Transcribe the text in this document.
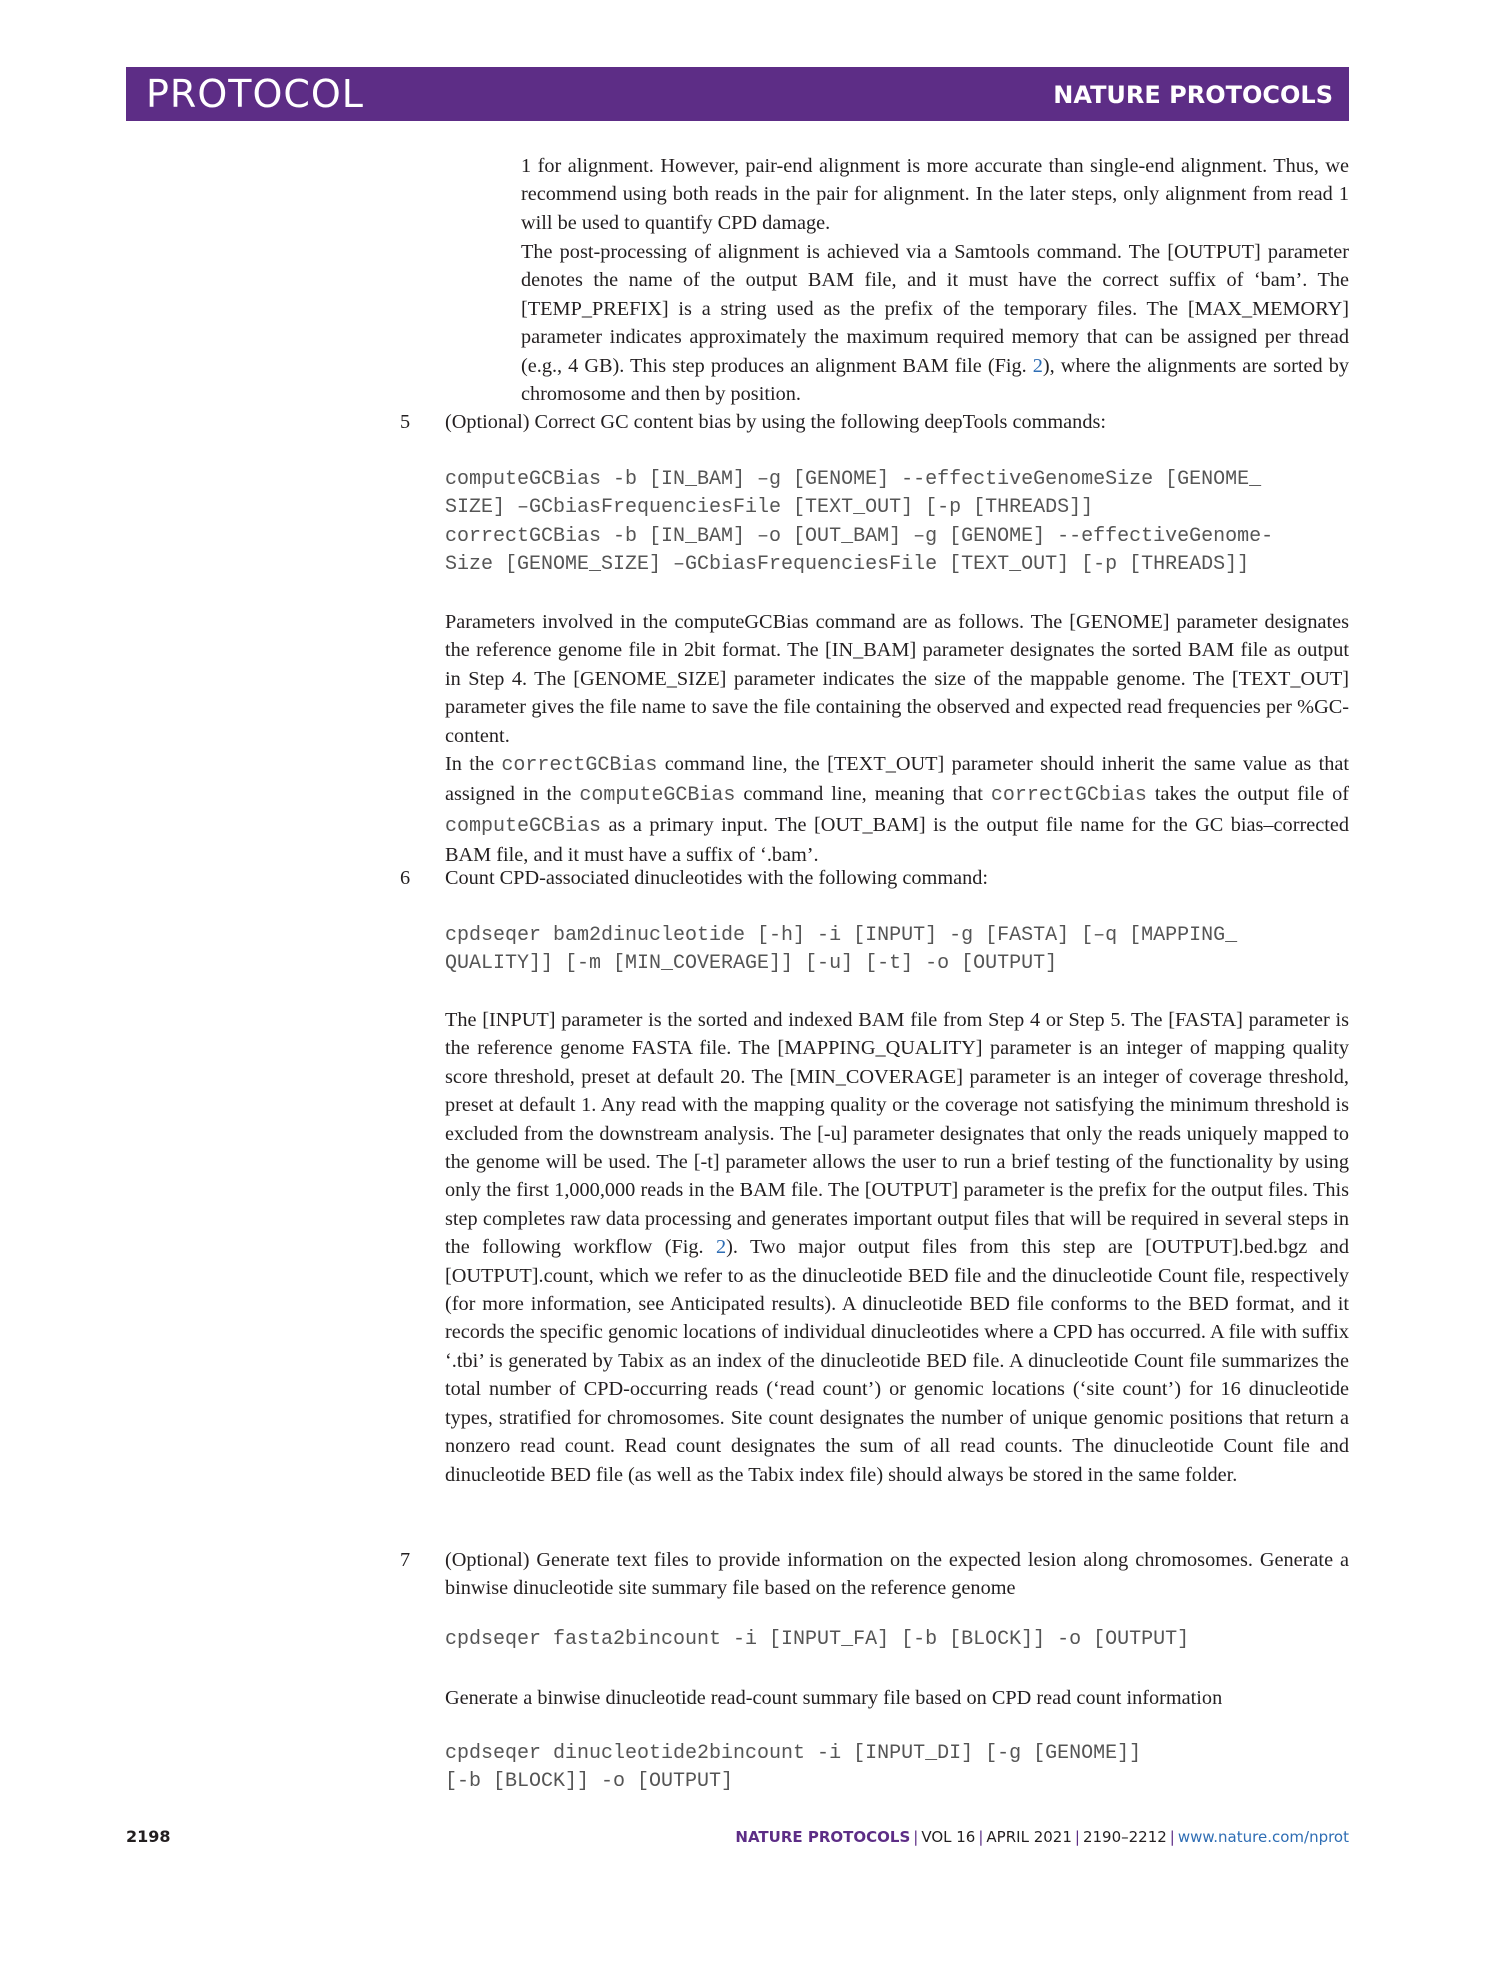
PROTOCOL	NATURE PROTOCOLS

1 for alignment. However, pair-end alignment is more accurate than single-end alignment. Thus, we recommend using both reads in the pair for alignment. In the later steps, only alignment from read 1 will be used to quantify CPD damage.

The post-processing of alignment is achieved via a Samtools command. The [OUTPUT] parameter denotes the name of the output BAM file, and it must have the correct suffix of ‘bam’. The [TEMP_PREFIX] is a string used as the prefix of the temporary files. The [MAX_MEMORY] parameter indicates approximately the maximum required memory that can be assigned per thread (e.g., 4 GB). This step produces an alignment BAM file (Fig. 2), where the alignments are sorted by chromosome and then by position.

5 (Optional) Correct GC content bias by using the following deepTools commands:

computeGCBias -b [IN_BAM] –g [GENOME] --effectiveGenomeSize [GENOME_
SIZE] –GCbiasFrequenciesFile [TEXT_OUT] [-p [THREADS]]
correctGCBias -b [IN_BAM] –o [OUT_BAM] –g [GENOME] --effectiveGenome-
Size [GENOME_SIZE] –GCbiasFrequenciesFile [TEXT_OUT] [-p [THREADS]]

Parameters involved in the computeGCBias command are as follows. The [GENOME] parameter designates the reference genome file in 2bit format. The [IN_BAM] parameter designates the sorted BAM file as output in Step 4. The [GENOME_SIZE] parameter indicates the size of the mappable genome. The [TEXT_OUT] parameter gives the file name to save the file containing the observed and expected read frequencies per %GC-content.

In the correctGCBias command line, the [TEXT_OUT] parameter should inherit the same value as that assigned in the computeGCBias command line, meaning that correctGCbias takes the output file of computeGCBias as a primary input. The [OUT_BAM] is the output file name for the GC bias–corrected BAM file, and it must have a suffix of ‘.bam’.

6 Count CPD-associated dinucleotides with the following command:

cpdseqer bam2dinucleotide [-h] -i [INPUT] -g [FASTA] [–q [MAPPING_
QUALITY]] [-m [MIN_COVERAGE]] [-u] [-t] -o [OUTPUT]

The [INPUT] parameter is the sorted and indexed BAM file from Step 4 or Step 5. The [FASTA] parameter is the reference genome FASTA file. The [MAPPING_QUALITY] parameter is an integer of mapping quality score threshold, preset at default 20. The [MIN_COVERAGE] parameter is an integer of coverage threshold, preset at default 1. Any read with the mapping quality or the coverage not satisfying the minimum threshold is excluded from the downstream analysis. The [-u] parameter designates that only the reads uniquely mapped to the genome will be used. The [-t] parameter allows the user to run a brief testing of the functionality by using only the first 1,000,000 reads in the BAM file. The [OUTPUT] parameter is the prefix for the output files. This step completes raw data processing and generates important output files that will be required in several steps in the following workflow (Fig. 2). Two major output files from this step are [OUTPUT].bed.bgz and [OUTPUT].count, which we refer to as the dinucleotide BED file and the dinucleotide Count file, respectively (for more information, see Anticipated results). A dinucleotide BED file conforms to the BED format, and it records the specific genomic locations of individual dinucleotides where a CPD has occurred. A file with suffix ‘.tbi’ is generated by Tabix as an index of the dinucleotide BED file. A dinucleotide Count file summarizes the total number of CPD-occurring reads (‘read count’) or genomic locations (‘site count’) for 16 dinucleotide types, stratified for chromosomes. Site count designates the number of unique genomic positions that return a nonzero read count. Read count designates the sum of all read counts. The dinucleotide Count file and dinucleotide BED file (as well as the Tabix index file) should always be stored in the same folder.

7 (Optional) Generate text files to provide information on the expected lesion along chromosomes. Generate a binwise dinucleotide site summary file based on the reference genome

cpdseqer fasta2bincount -i [INPUT_FA] [-b [BLOCK]] -o [OUTPUT]

Generate a binwise dinucleotide read-count summary file based on CPD read count information

cpdseqer dinucleotide2bincount -i [INPUT_DI] [-g [GENOME]]
[-b [BLOCK]] -o [OUTPUT]
2198	NATURE PROTOCOLS | VOL 16 | APRIL 2021 | 2190–2212 | www.nature.com/nprot
